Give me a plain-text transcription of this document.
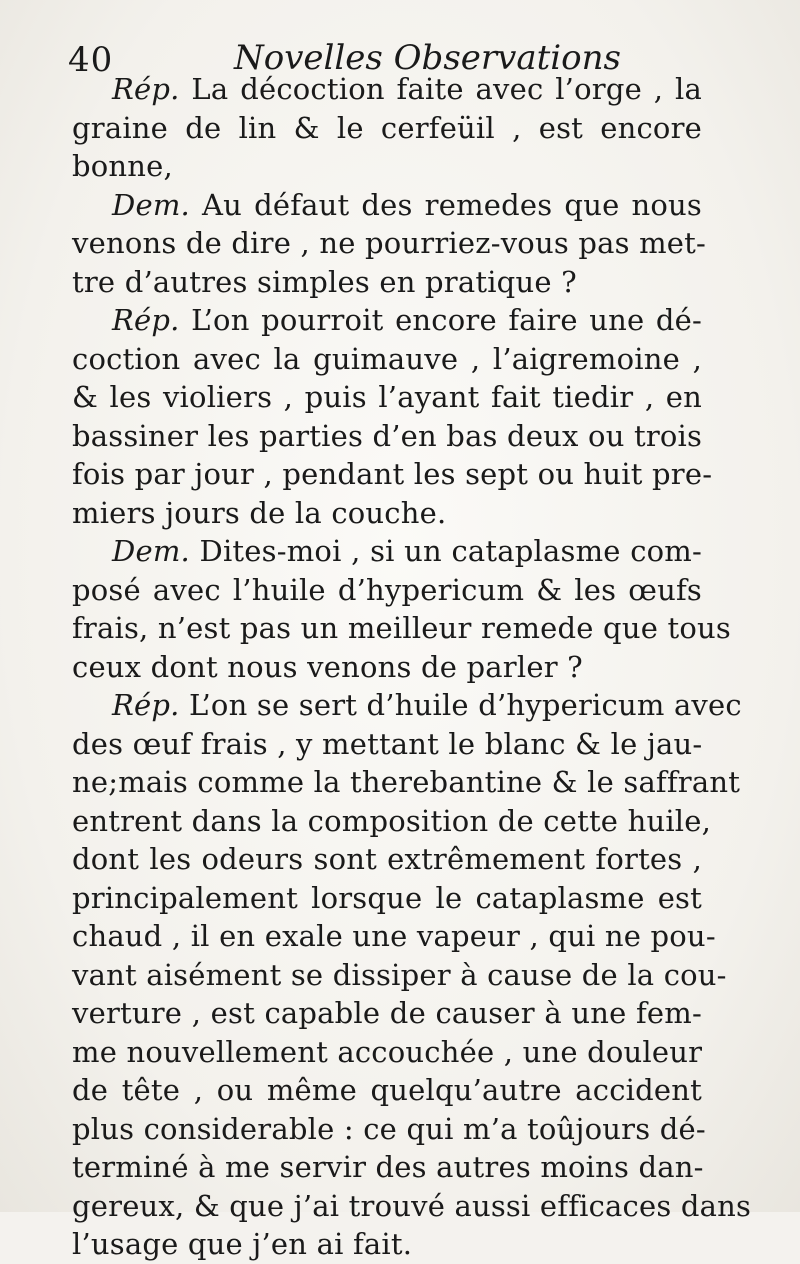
40	Novelles Observations
Rép. La décoction faite avec l’orge , la
graine de lin & le cerfeüil , est encore
bonne,
Dem. Au défaut des remedes que nous
venons de dire , ne pourriez-vous pas met-
tre d’autres simples en pratique ?
Rép. L’on pourroit encore faire une dé-
coction avec la guimauve , l’aigremoine ,
& les violiers , puis l’ayant fait tiedir , en
bassiner les parties d’en bas deux ou trois
fois par jour , pendant les sept ou huit pre-
miers jours de la couche.
Dem. Dites-moi , si un cataplasme com-
posé avec l’huile d’hypericum & les œufs
frais, n’est pas un meilleur remede que tous
ceux dont nous venons de parler ?
Rép. L’on se sert d’huile d’hypericum avec
des œuf frais , y mettant le blanc & le jau-
ne;mais comme la therebantine & le saffrant
entrent dans la composition de cette huile,
dont les odeurs sont extrêmement fortes ,
principalement lorsque le cataplasme est
chaud , il en exale une vapeur , qui ne pou-
vant aisément se dissiper à cause de la cou-
verture , est capable de causer à une fem-
me nouvellement accouchée , une douleur
de tête , ou même quelqu’autre accident
plus considerable : ce qui m’a toûjours dé-
terminé à me servir des autres moins dan-
gereux, & que j’ai trouvé aussi efficaces dans
l’usage que j’en ai fait.
